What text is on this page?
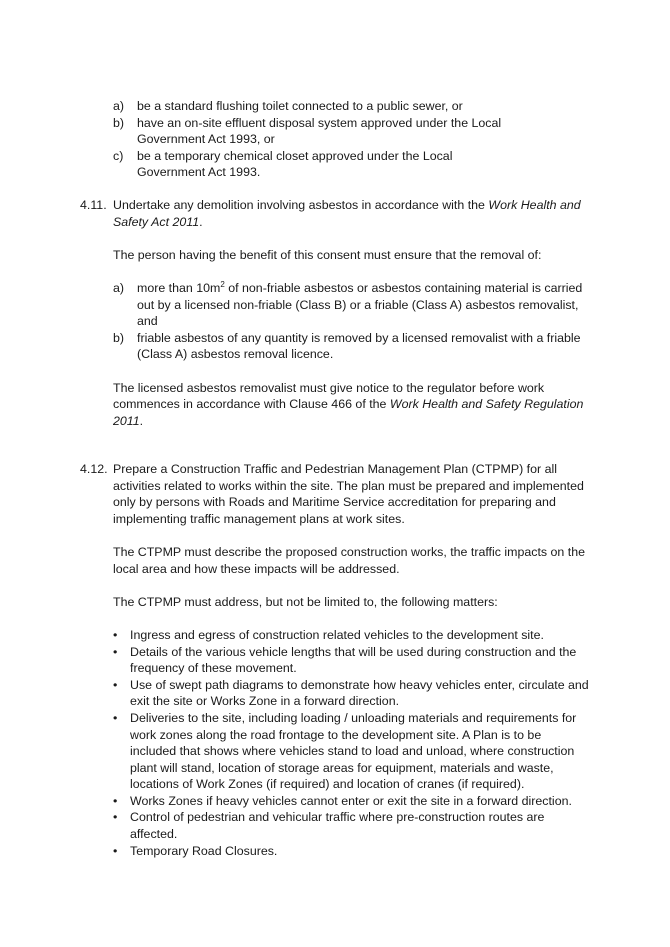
a) be a standard flushing toilet connected to a public sewer, or

b) have an on-site effluent disposal system approved under the Local Government Act 1993, or

c) be a temporary chemical closet approved under the Local Government Act 1993.

4.11. Undertake any demolition involving asbestos in accordance with the Work Health and Safety Act 2011.

The person having the benefit of this consent must ensure that the removal of:

a) more than $10m^2$ of non-friable asbestos or asbestos containing material is carried out by a licensed non-friable (Class B) or a friable (Class A) asbestos removalist, and

b) friable asbestos of any quantity is removed by a licensed removalist with a friable (Class A) asbestos removal licence.

The licensed asbestos removalist must give notice to the regulator before work commences in accordance with Clause 466 of the Work Health and Safety Regulation 2011.

4.12. Prepare a Construction Traffic and Pedestrian Management Plan (CTPMP) for all activities related to works within the site. The plan must be prepared and implemented only by persons with Roads and Maritime Service accreditation for preparing and implementing traffic management plans at work sites.

The CTPMP must describe the proposed construction works, the traffic impacts on the local area and how these impacts will be addressed.

The CTPMP must address, but not be limited to, the following matters:

• Ingress and egress of construction related vehicles to the development site.

• Details of the various vehicle lengths that will be used during construction and the frequency of these movement.

• Use of swept path diagrams to demonstrate how heavy vehicles enter, circulate and exit the site or Works Zone in a forward direction.

• Deliveries to the site, including loading / unloading materials and requirements for work zones along the road frontage to the development site. A Plan is to be included that shows where vehicles stand to load and unload, where construction plant will stand, location of storage areas for equipment, materials and waste, locations of Work Zones (if required) and location of cranes (if required).

• Works Zones if heavy vehicles cannot enter or exit the site in a forward direction.

• Control of pedestrian and vehicular traffic where pre-construction routes are affected.

• Temporary Road Closures.
